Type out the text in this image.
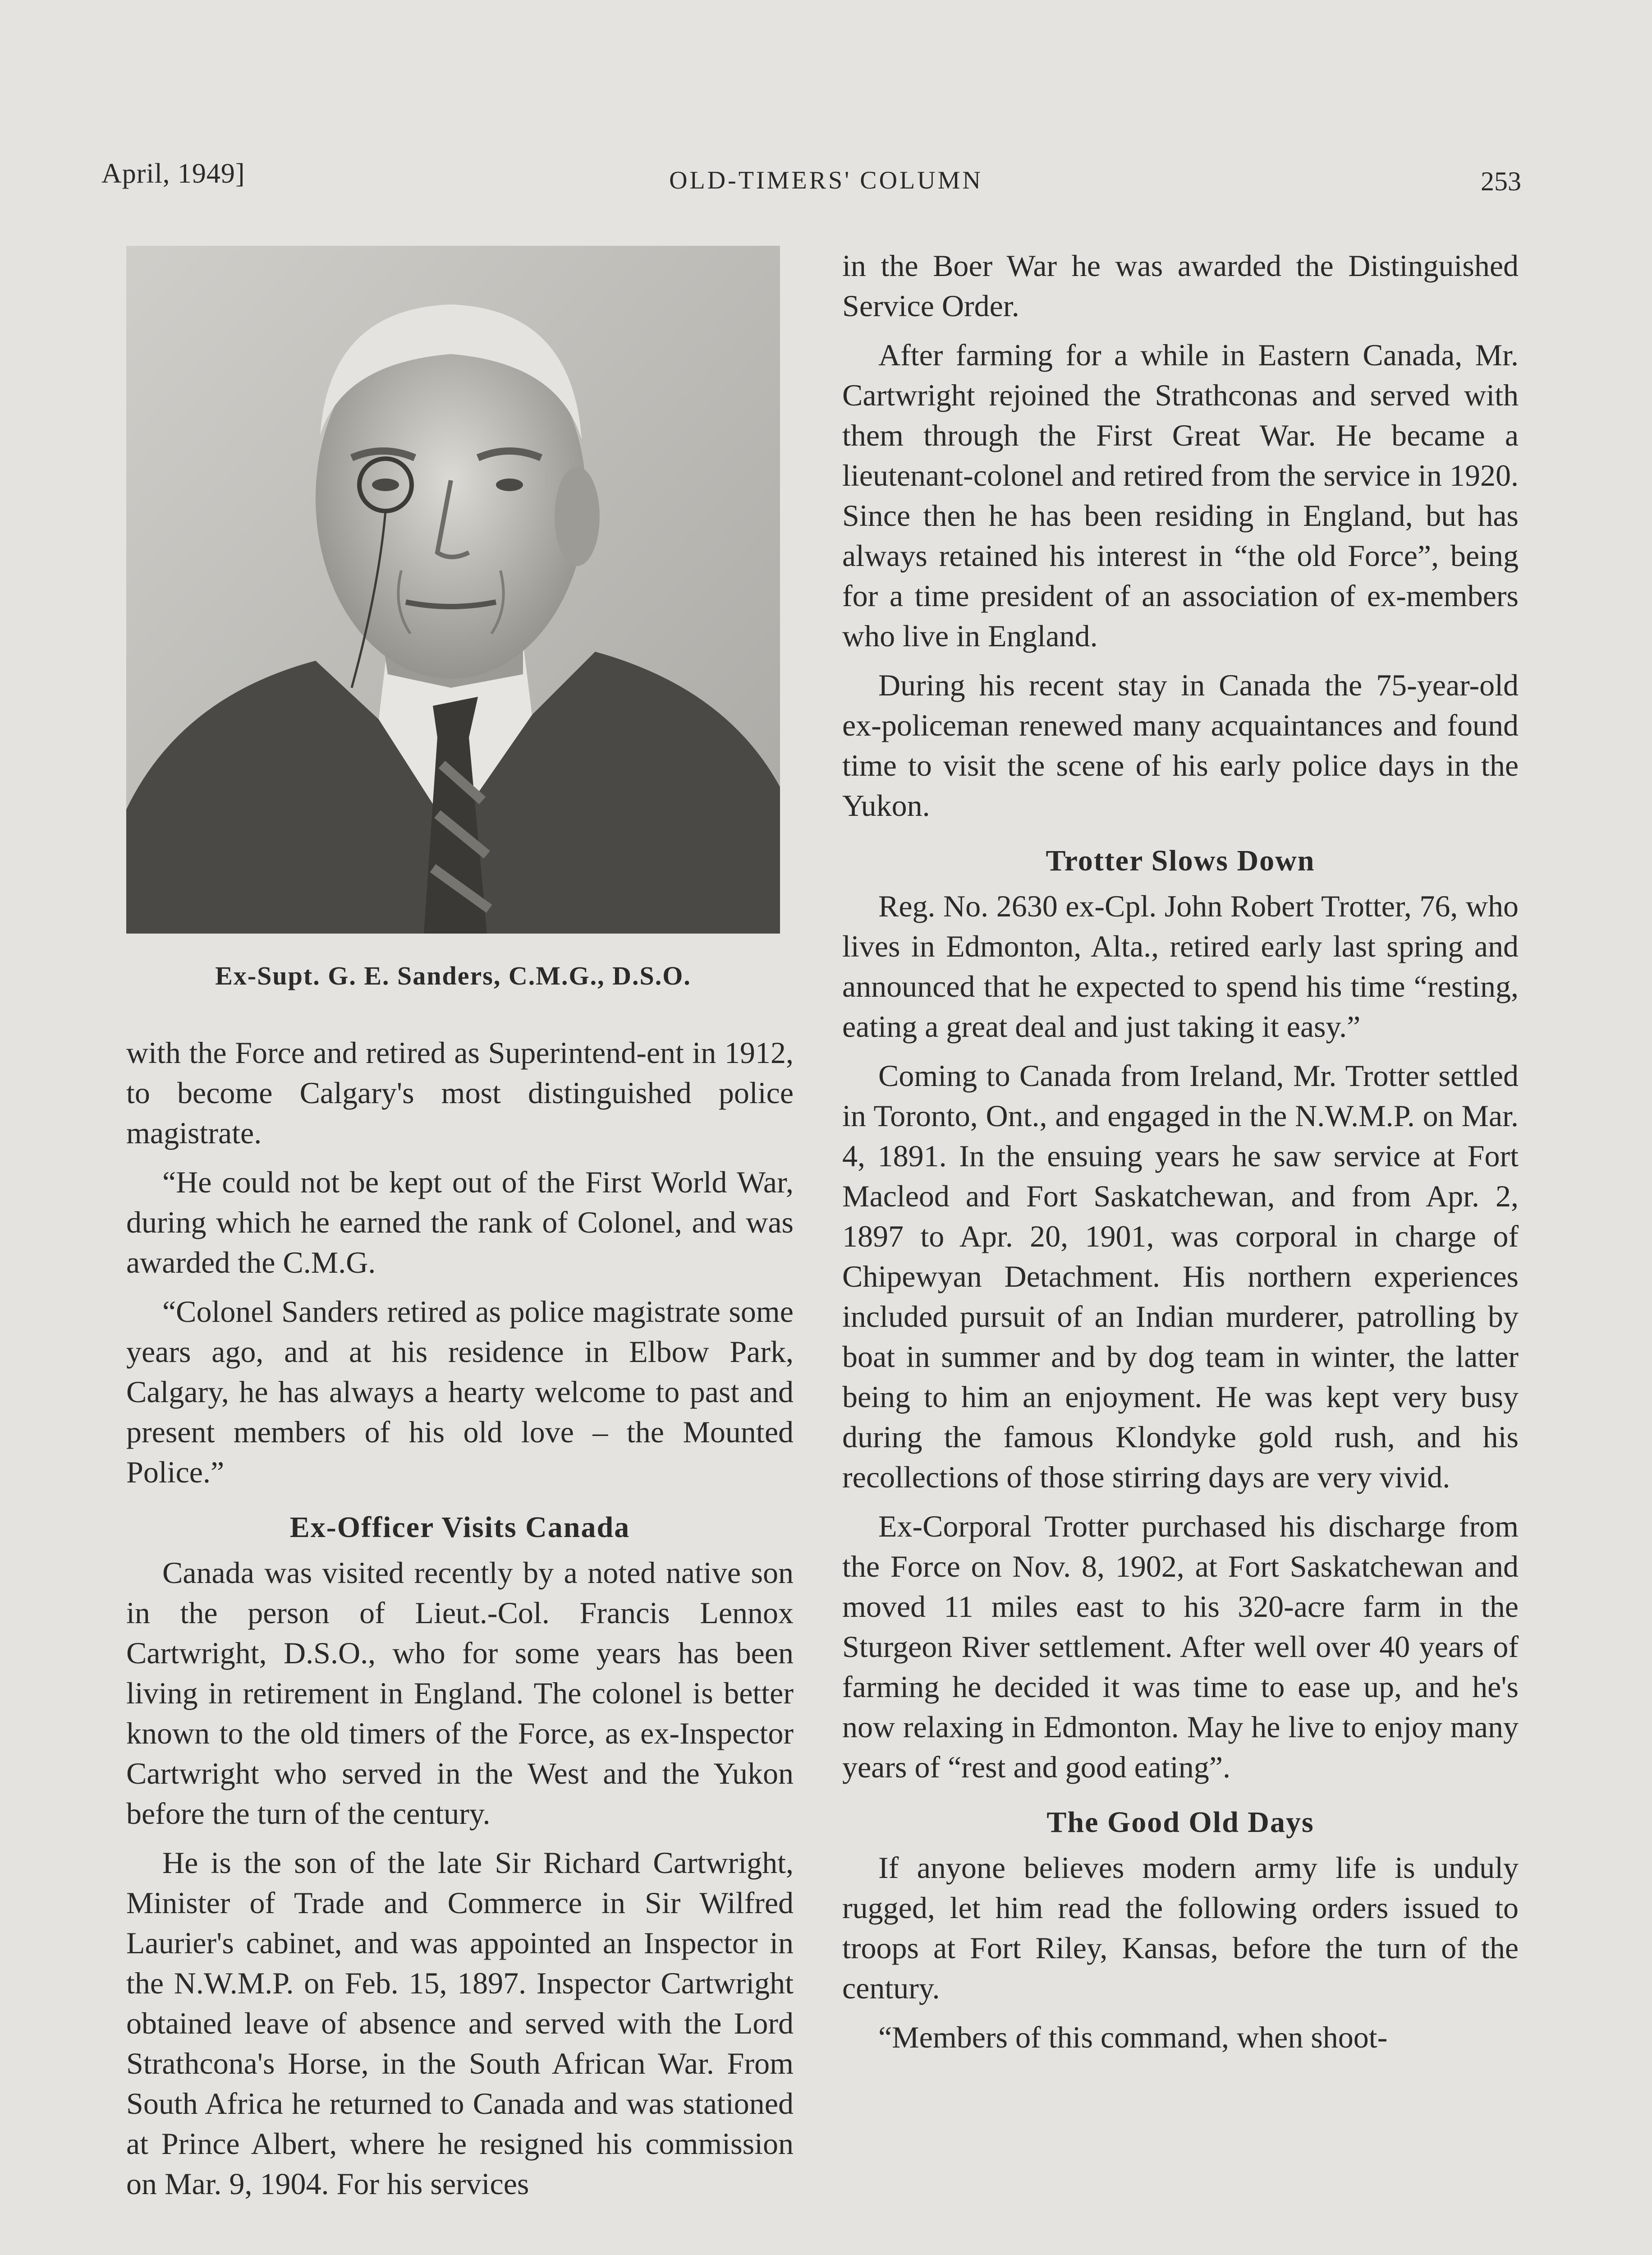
April, 1949]	OLD-TIMERS' COLUMN	253
Ex-Supt. G. E. Sanders, C.M.G., D.S.O.

with the Force and retired as Superintend-ent in 1912, to become Calgary's most distinguished police magistrate.

“He could not be kept out of the First World War, during which he earned the rank of Colonel, and was awarded the C.M.G.

“Colonel Sanders retired as police magistrate some years ago, and at his residence in Elbow Park, Calgary, he has always a hearty welcome to past and present members of his old love – the Mounted Police.”

Ex-Officer Visits Canada

Canada was visited recently by a noted native son in the person of Lieut.-Col. Francis Lennox Cartwright, D.S.O., who for some years has been living in retirement in England. The colonel is better known to the old timers of the Force, as ex-Inspector Cartwright who served in the West and the Yukon before the turn of the century.

He is the son of the late Sir Richard Cartwright, Minister of Trade and Commerce in Sir Wilfred Laurier's cabinet, and was appointed an Inspector in the N.W.M.P. on Feb. 15, 1897. Inspector Cartwright obtained leave of absence and served with the Lord Strathcona's Horse, in the South African War. From South Africa he returned to Canada and was stationed at Prince Albert, where he resigned his commission on Mar. 9, 1904. For his services

in the Boer War he was awarded the Distinguished Service Order.

After farming for a while in Eastern Canada, Mr. Cartwright rejoined the Strathconas and served with them through the First Great War. He became a lieutenant-colonel and retired from the service in 1920. Since then he has been residing in England, but has always retained his interest in “the old Force”, being for a time president of an association of ex-members who live in England.

During his recent stay in Canada the 75-year-old ex-policeman renewed many acquaintances and found time to visit the scene of his early police days in the Yukon.

Trotter Slows Down

Reg. No. 2630 ex-Cpl. John Robert Trotter, 76, who lives in Edmonton, Alta., retired early last spring and announced that he expected to spend his time “resting, eating a great deal and just taking it easy.”

Coming to Canada from Ireland, Mr. Trotter settled in Toronto, Ont., and engaged in the N.W.M.P. on Mar. 4, 1891. In the ensuing years he saw service at Fort Macleod and Fort Saskatchewan, and from Apr. 2, 1897 to Apr. 20, 1901, was corporal in charge of Chipewyan Detachment. His northern experiences included pursuit of an Indian murderer, patrolling by boat in summer and by dog team in winter, the latter being to him an enjoyment. He was kept very busy during the famous Klondyke gold rush, and his recollections of those stirring days are very vivid.

Ex-Corporal Trotter purchased his discharge from the Force on Nov. 8, 1902, at Fort Saskatchewan and moved 11 miles east to his 320-acre farm in the Sturgeon River settlement. After well over 40 years of farming he decided it was time to ease up, and he's now relaxing in Edmonton. May he live to enjoy many years of “rest and good eating”.

The Good Old Days

If anyone believes modern army life is unduly rugged, let him read the following orders issued to troops at Fort Riley, Kansas, before the turn of the century.

“Members of this command, when shoot-
